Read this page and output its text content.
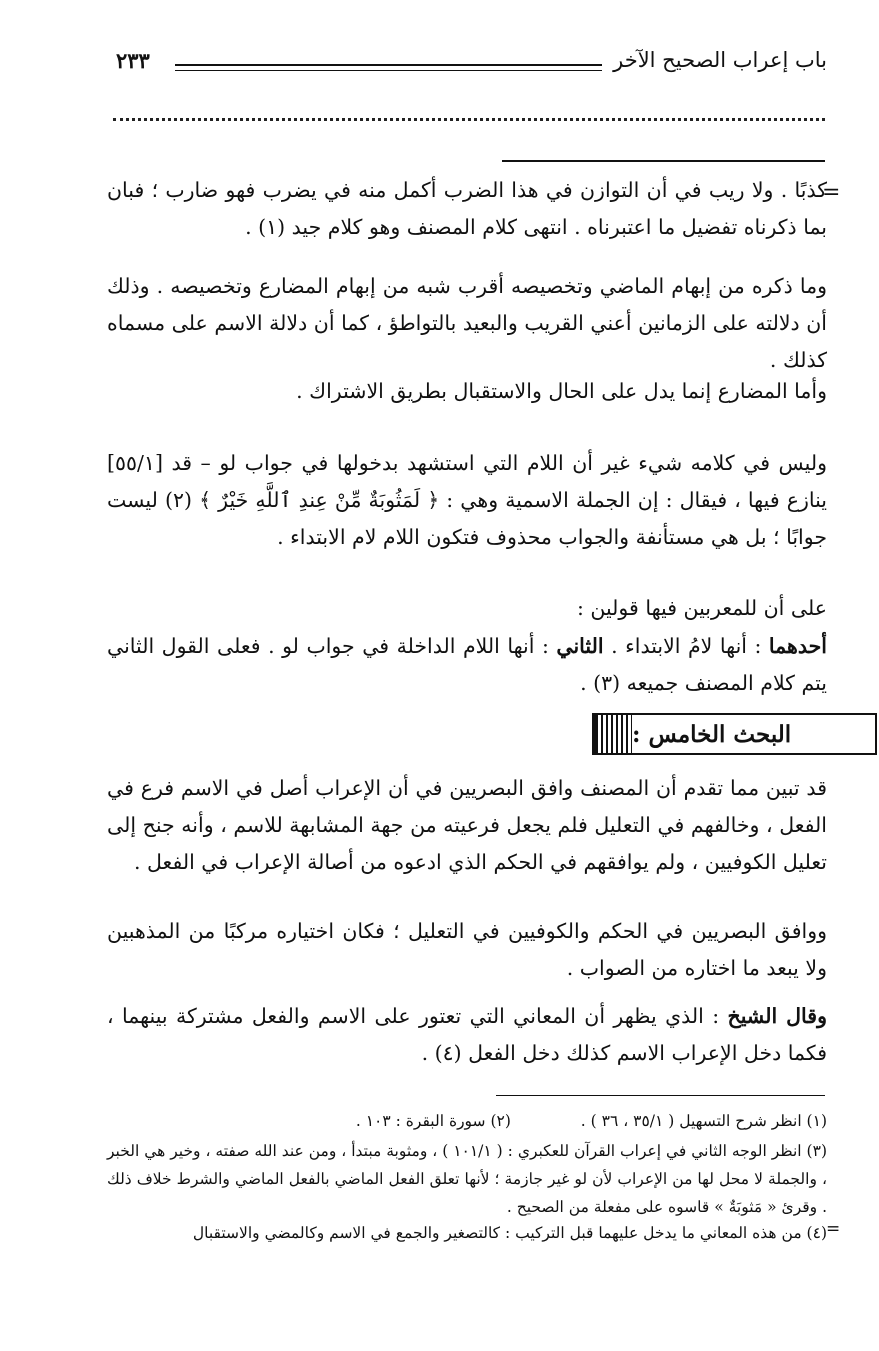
باب إعراب الصحيح الآخر
٢٣٣
=
كذبًا . ولا ريب في أن التوازن في هذا الضرب أكمل منه في يضرب فهو ضارب ؛ فبان بما ذكرناه تفضيل ما اعتبرناه . انتهى كلام المصنف وهو كلام جيد (١) .
وما ذكره من إبهام الماضي وتخصيصه أقرب شبه من إبهام المضارع وتخصيصه . وذلك أن دلالته على الزمانين أعني القريب والبعيد بالتواطؤ ، كما أن دلالة الاسم على مسماه كذلك .
وأما المضارع إنما يدل على الحال والاستقبال بطريق الاشتراك .
وليس في كلامه شيء غير أن اللام التي استشهد بدخولها في جواب لو – قد [٥٥/١] ينازع فيها ، فيقال : إن الجملة الاسمية وهي : ﴿ لَمَثُوبَةٌ مِّنْ عِندِ ٱللَّهِ خَيْرٌ ﴾ (٢) ليست جوابًا ؛ بل هي مستأنفة والجواب محذوف فتكون اللام لام الابتداء .
على أن للمعربين فيها قولين :
أحدهما : أنها لامُ الابتداء . الثاني : أنها اللام الداخلة في جواب لو . فعلى القول الثاني يتم كلام المصنف جميعه (٣) .
البحث الخامس :
قد تبين مما تقدم أن المصنف وافق البصريين في أن الإعراب أصل في الاسم فرع في الفعل ، وخالفهم في التعليل فلم يجعل فرعيته من جهة المشابهة للاسم ، وأنه جنح إلى تعليل الكوفيين ، ولم يوافقهم في الحكم الذي ادعوه من أصالة الإعراب في الفعل .
ووافق البصريين في الحكم والكوفيين في التعليل ؛ فكان اختياره مركبًا من المذهبين ولا يبعد ما اختاره من الصواب .
وقال الشيخ : الذي يظهر أن المعاني التي تعتور على الاسم والفعل مشتركة بينهما ، فكما دخل الإعراب الاسم كذلك دخل الفعل (٤) .
(١) انظر شرح التسهيل ( ٣٥/١ ، ٣٦ ) .  (٢) سورة البقرة : ١٠٣ .
(٣) انظر الوجه الثاني في إعراب القرآن للعكبري : ( ١٠١/١ ) ، ومثوبة مبتدأ ، ومن عند الله صفته ، وخير هي الخبر ، والجملة لا محل لها من الإعراب لأن لو غير جازمة ؛ لأنها تعلق الفعل الماضي بالفعل الماضي والشرط خلاف ذلك . وقرئ « مَثوبَةٌ » قاسوه على مفعلة من الصحيح .
(٤) من هذه المعاني ما يدخل عليهما قبل التركيب : كالتصغير والجمع في الاسم وكالمضي والاستقبال =
